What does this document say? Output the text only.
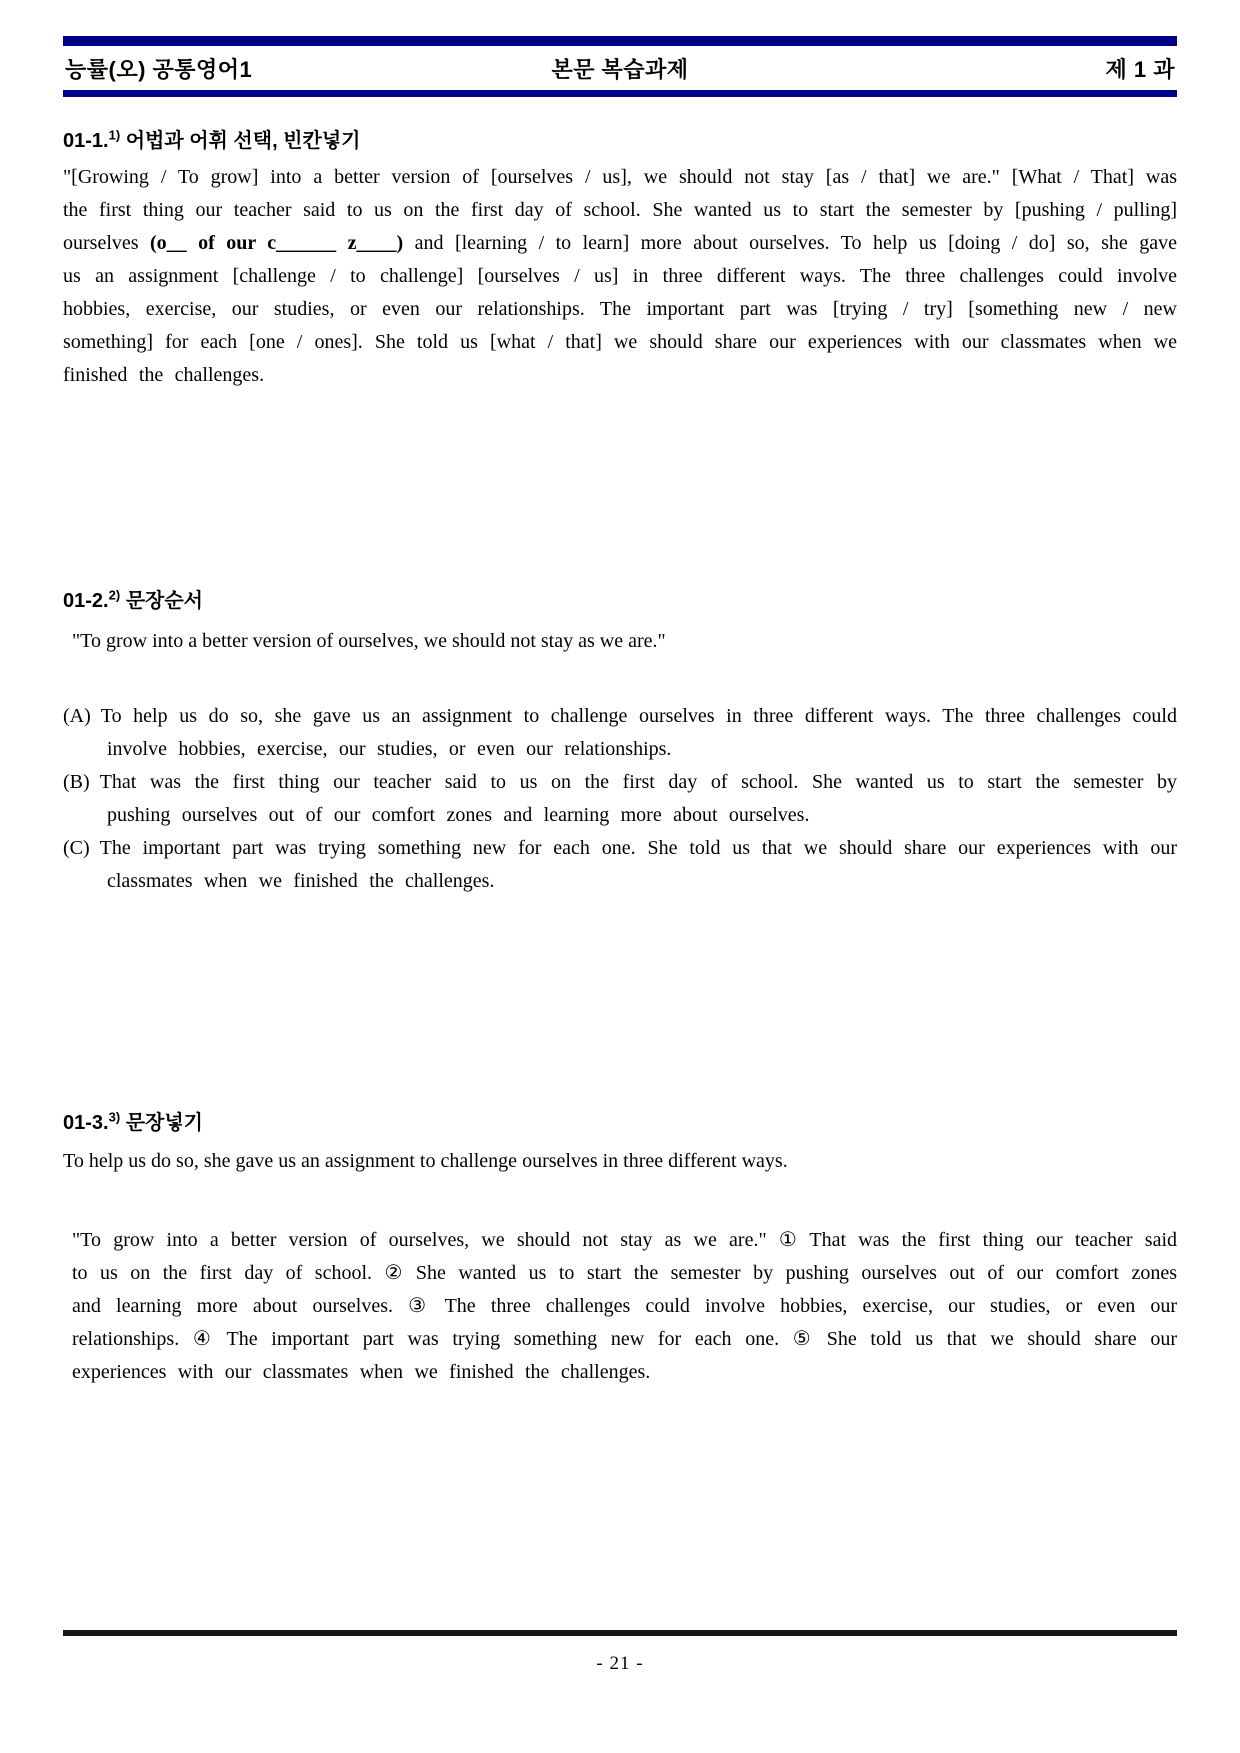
능률(오) 공통영어1	본문 복습과제	제 1 과
01-1.$^{1)}$ 어법과 어휘 선택, 빈칸넣기
"[Growing / To grow] into a better version of [ourselves / us], we should not stay [as / that] we are." [What / That] was the first thing our teacher said to us on the first day of school. She wanted us to start the semester by [pushing / pulling] ourselves (o__ of our c______ z____) and [learning / to learn] more about ourselves. To help us [doing / do] so, she gave us an assignment [challenge / to challenge] [ourselves / us] in three different ways. The three challenges could involve hobbies, exercise, our studies, or even our relationships. The important part was [trying / try] [something new / new something] for each [one / ones]. She told us [what / that] we should share our experiences with our classmates when we finished the challenges.
01-2.$^{2)}$ 문장순서
"To grow into a better version of ourselves, we should not stay as we are."
(A) To help us do so, she gave us an assignment to challenge ourselves in three different ways. The three challenges could involve hobbies, exercise, our studies, or even our relationships.
(B) That was the first thing our teacher said to us on the first day of school. She wanted us to start the semester by pushing ourselves out of our comfort zones and learning more about ourselves.
(C) The important part was trying something new for each one. She told us that we should share our experiences with our classmates when we finished the challenges.
01-3.$^{3)}$ 문장넣기
To help us do so, she gave us an assignment to challenge ourselves in three different ways.
"To grow into a better version of ourselves, we should not stay as we are." ① That was the first thing our teacher said to us on the first day of school. ② She wanted us to start the semester by pushing ourselves out of our comfort zones and learning more about ourselves. ③ The three challenges could involve hobbies, exercise, our studies, or even our relationships. ④ The important part was trying something new for each one. ⑤ She told us that we should share our experiences with our classmates when we finished the challenges.
- 21 -
